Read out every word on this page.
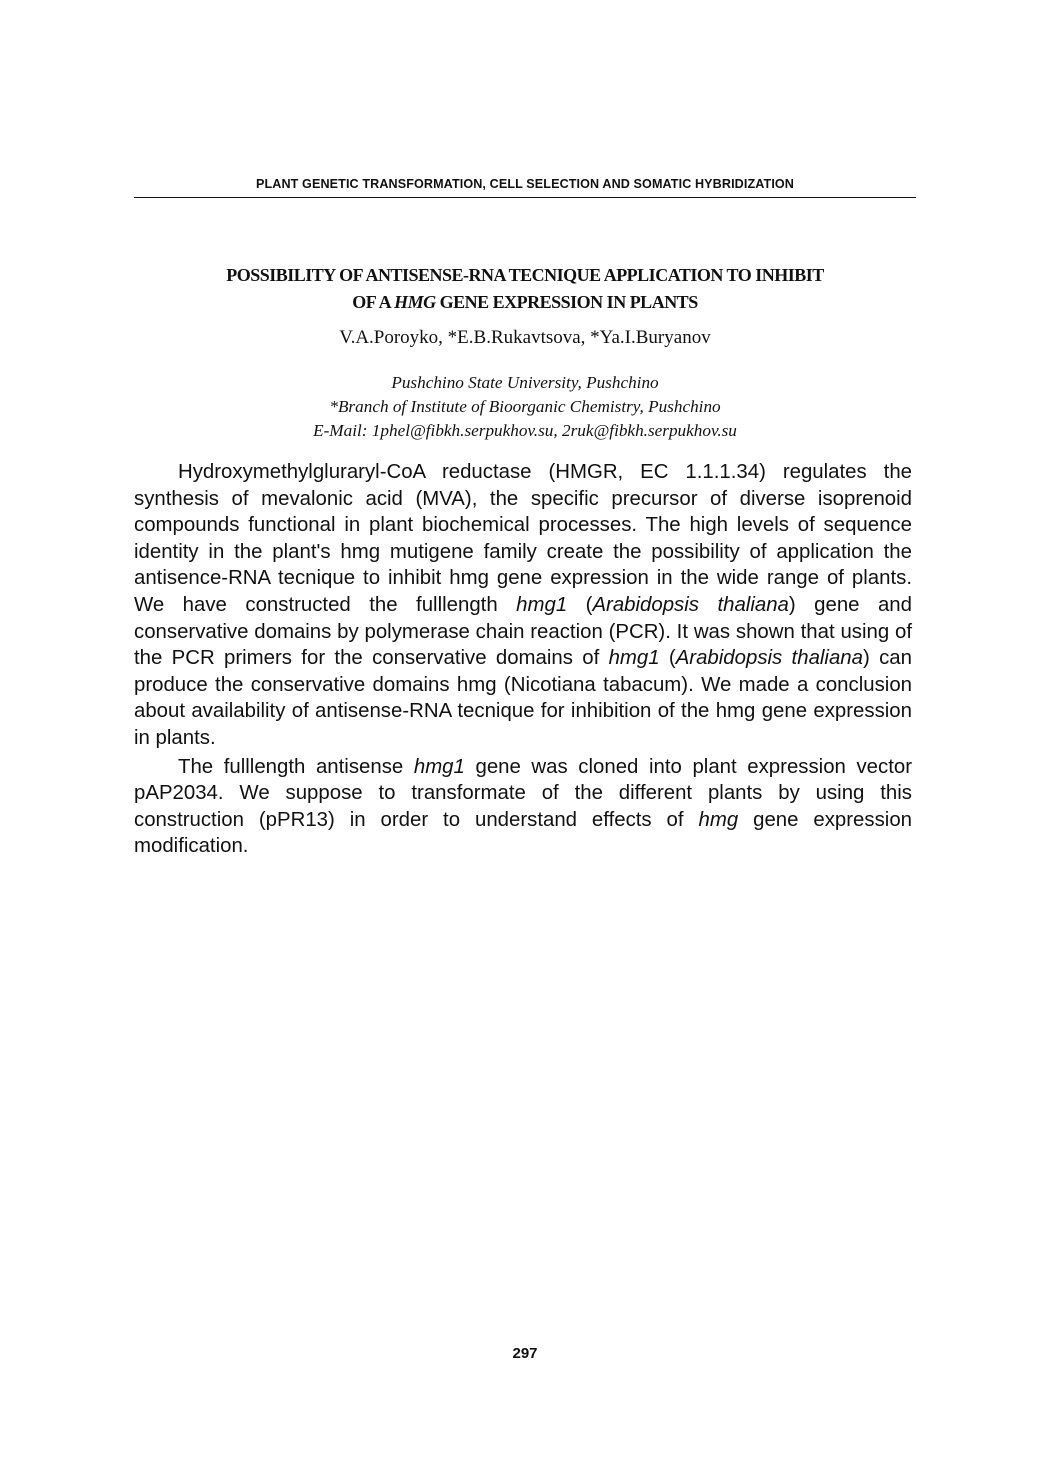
PLANT GENETIC TRANSFORMATION, CELL SELECTION AND SOMATIC HYBRIDIZATION
POSSIBILITY OF ANTISENSE-RNA TECNIQUE APPLICATION TO INHIBIT
OF A HMG GENE EXPRESSION IN PLANTS
V.A.Poroyko, *E.B.Rukavtsova, *Ya.I.Buryanov
Pushchino State University, Pushchino
*Branch of Institute of Bioorganic Chemistry, Pushchino
E-Mail: 1phel@fibkh.serpukhov.su, 2ruk@fibkh.serpukhov.su

Hydroxymethylgluraryl-CoA reductase (HMGR, EC 1.1.1.34) regulates the synthesis of mevalonic acid (MVA), the specific precursor of diverse isoprenoid compounds functional in plant biochemical processes. The high levels of sequence identity in the plant's hmg mutigene family create the possibility of application the antisence-RNA tecnique to inhibit hmg gene expression in the wide range of plants. We have constructed the fulllength hmg1 (Arabidopsis thaliana) gene and conservative domains by polymerase chain reaction (PCR). It was shown that using of the PCR primers for the conservative domains of hmg1 (Arabidopsis thaliana) can produce the conservative domains hmg (Nicotiana tabacum). We made a conclusion about availability of antisense-RNA tecnique for inhibition of the hmg gene expression in plants.

The fulllength antisense hmg1 gene was cloned into plant expression vector pAP2034. We suppose to transformate of the different plants by using this construction (pPR13) in order to understand effects of hmg gene expression modification.

297
